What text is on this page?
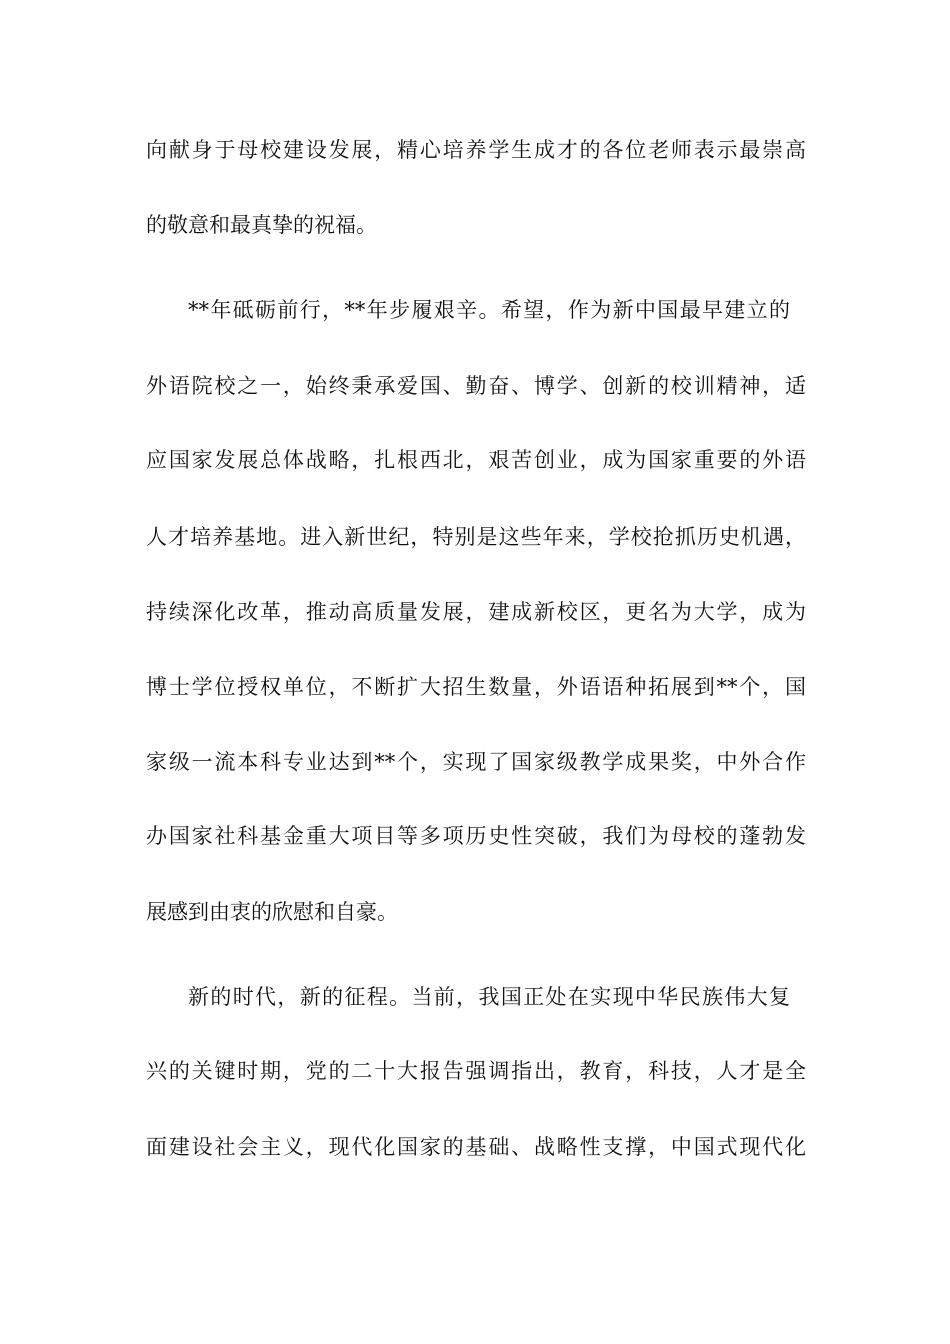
向献身于母校建设发展，精心培养学生成才的各位老师表示最崇高
的敬意和最真挚的祝福。
**年砥砺前行，**年步履艰辛。希望，作为新中国最早建立的
外语院校之一，始终秉承爱国、勤奋、博学、创新的校训精神，适
应国家发展总体战略，扎根西北，艰苦创业，成为国家重要的外语
人才培养基地。进入新世纪，特别是这些年来，学校抢抓历史机遇，
持续深化改革，推动高质量发展，建成新校区，更名为大学，成为
博士学位授权单位，不断扩大招生数量，外语语种拓展到**个，国
家级一流本科专业达到**个，实现了国家级教学成果奖，中外合作
办国家社科基金重大项目等多项历史性突破，我们为母校的蓬勃发
展感到由衷的欣慰和自豪。
新的时代，新的征程。当前，我国正处在实现中华民族伟大复
兴的关键时期，党的二十大报告强调指出，教育，科技，人才是全
面建设社会主义，现代化国家的基础、战略性支撑，中国式现代化
